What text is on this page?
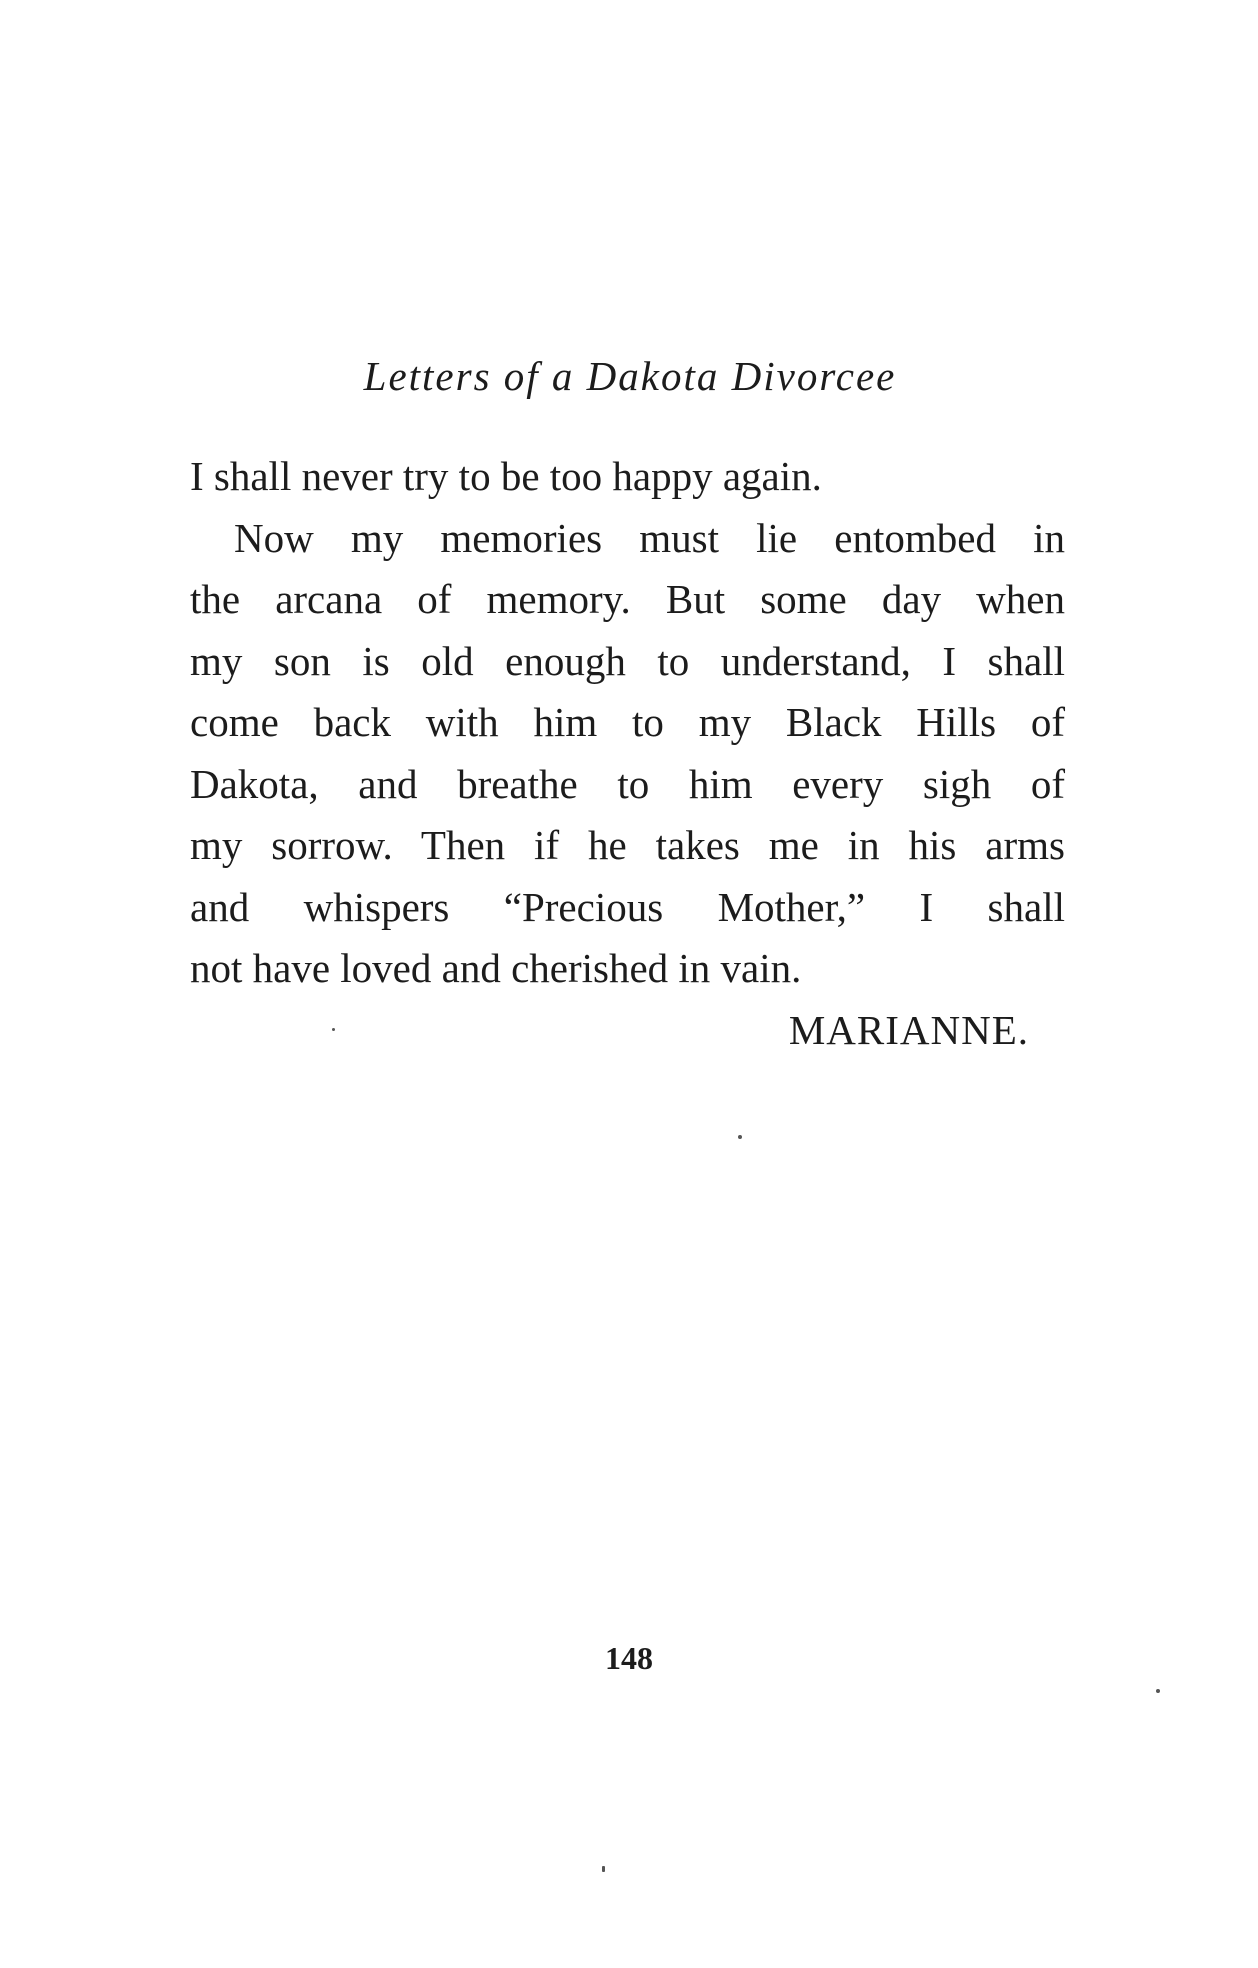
Letters of a Dakota Divorcee
I shall never try to be too happy again.
Now my memories must lie entombed in
the arcana of memory. But some day when
my son is old enough to understand, I shall
come back with him to my Black Hills of
Dakota, and breathe to him every sigh of
my sorrow. Then if he takes me in his arms
and whispers “Precious Mother,” I shall
not have loved and cherished in vain.
MARIANNE.
148
